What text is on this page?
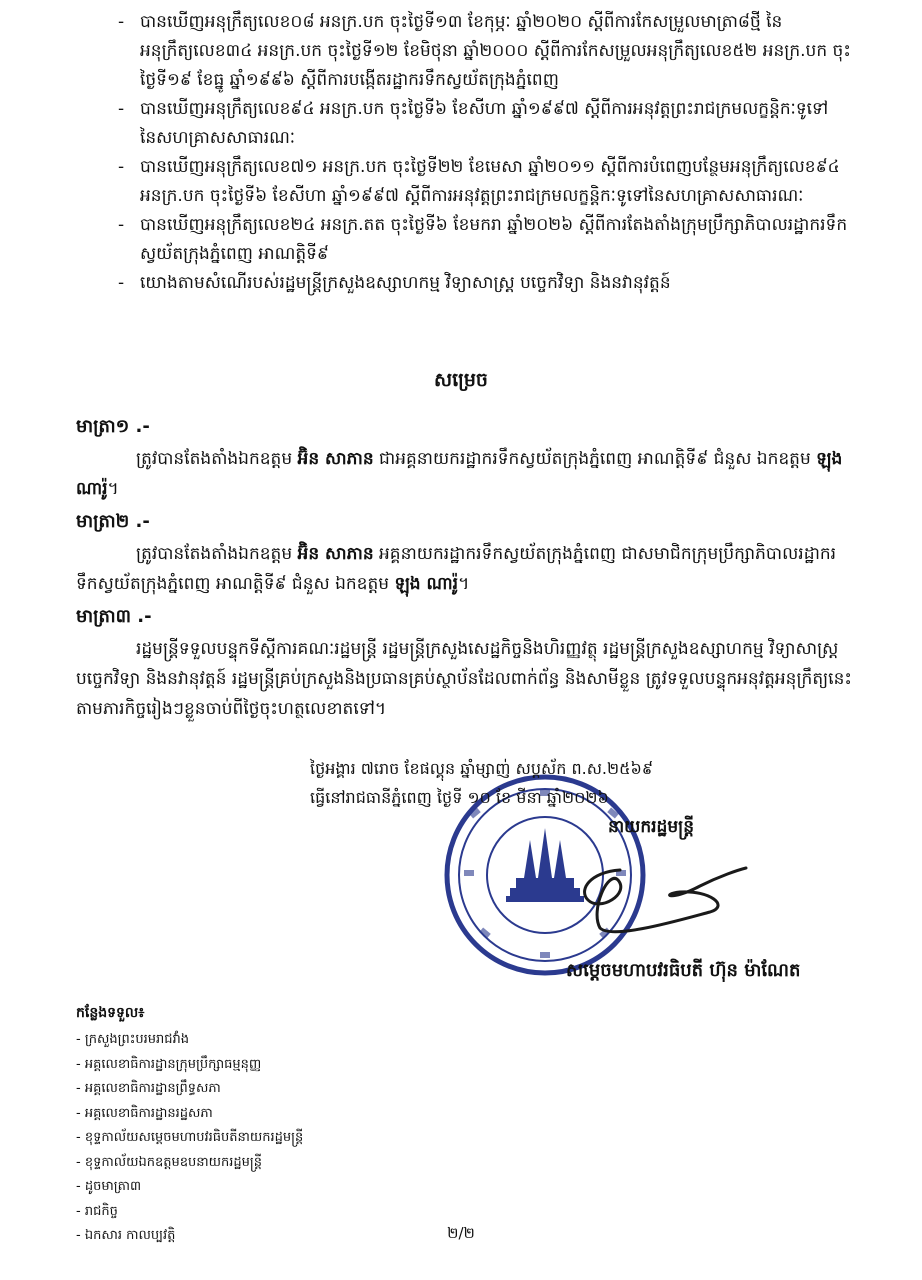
- បានឃើញអនុក្រឹត្យលេខ០៨ អនក្រ.បក ចុះថ្ងៃទី១៣ ខែកុម្ភៈ ឆ្នាំ២០២០ ស្តីពីការកែសម្រួលមាត្រា៨ថ្មី នៃអនុក្រឹត្យលេខ៣៤ អនក្រ.បក ចុះថ្ងៃទី១២ ខែមិថុនា ឆ្នាំ២០០០ ស្តីពីការកែសម្រួលអនុក្រឹត្យលេខ៥២ អនក្រ.បក ចុះថ្ងៃទី១៩ ខែធ្នូ ឆ្នាំ១៩៩៦ ស្តីពីការបង្កើតរដ្ឋាករទឹកស្វយ័តក្រុងភ្នំពេញ
- បានឃើញអនុក្រឹត្យលេខ៩៤ អនក្រ.បក ចុះថ្ងៃទី៦ ខែសីហា ឆ្នាំ១៩៩៧ ស្តីពីការអនុវត្តព្រះរាជក្រមលក្ខន្តិកៈទូទៅនៃសហគ្រាសសាធារណៈ
- បានឃើញអនុក្រឹត្យលេខ៧១ អនក្រ.បក ចុះថ្ងៃទី២២ ខែមេសា ឆ្នាំ២០១១ ស្តីពីការបំពេញបន្ថែមអនុក្រឹត្យលេខ៩៤ អនក្រ.បក ចុះថ្ងៃទី៦ ខែសីហា ឆ្នាំ១៩៩៧ ស្តីពីការអនុវត្តព្រះរាជក្រមលក្ខន្តិកៈទូទៅនៃសហគ្រាសសាធារណៈ
- បានឃើញអនុក្រឹត្យលេខ២៤ អនក្រ.តត ចុះថ្ងៃទី៦ ខែមករា ឆ្នាំ២០២៦ ស្តីពីការតែងតាំងក្រុមប្រឹក្សាភិបាលរដ្ឋាករទឹកស្វយ័តក្រុងភ្នំពេញ អាណត្តិទី៩
- យោងតាមសំណើរបស់រដ្ឋមន្ត្រីក្រសួងឧស្សាហកម្ម វិទ្យាសាស្ត្រ បច្ចេកវិទ្យា និងនវានុវត្តន៍
សម្រេច
មាត្រា១ .-
ត្រូវបានតែងតាំងឯកឧត្តម អ៊ិន សាភាន ជាអគ្គនាយករដ្ឋាករទឹកស្វយ័តក្រុងភ្នំពេញ អាណត្តិទី៩ ជំនួស ឯកឧត្តម ឡុង ណារ៉ូ។
មាត្រា២ .-
ត្រូវបានតែងតាំងឯកឧត្តម អ៊ិន សាភាន អគ្គនាយករដ្ឋាករទឹកស្វយ័តក្រុងភ្នំពេញ ជាសមាជិកក្រុមប្រឹក្សាភិបាលរដ្ឋាករទឹកស្វយ័តក្រុងភ្នំពេញ អាណត្តិទី៩ ជំនួស ឯកឧត្តម ឡុង ណារ៉ូ។
មាត្រា៣ .-
រដ្ឋមន្ត្រីទទួលបន្ទុកទីស្តីការគណៈរដ្ឋមន្ត្រី រដ្ឋមន្ត្រីក្រសួងសេដ្ឋកិច្ចនិងហិរញ្ញវត្ថុ រដ្ឋមន្ត្រីក្រសួងឧស្សាហកម្ម វិទ្យាសាស្ត្រ បច្ចេកវិទ្យា និងនវានុវត្តន៍ រដ្ឋមន្ត្រីគ្រប់ក្រសួងនិងប្រធានគ្រប់ស្ថាប័នដែលពាក់ព័ន្ធ និងសាមីខ្លួន ត្រូវទទួលបន្ទុកអនុវត្តអនុក្រឹត្យនេះ តាមភារកិច្ចរៀងៗខ្លួនចាប់ពីថ្ងៃចុះហត្ថលេខាតទៅ។
ថ្ងៃអង្គារ ៧រោច ខែផល្គុន ឆ្នាំម្សាញ់ សប្តស័ក ព.ស.២៥៦៩
ធ្វើនៅរាជធានីភ្នំពេញ ថ្ងៃទី ១០ ខែ មីនា ឆ្នាំ២០២៦
នាយករដ្ឋមន្ត្រី
សម្តេចមហាបវរធិបតី ហ៊ុន ម៉ាណែត
កន្លែងទទួល៖
- ក្រសួងព្រះបរមរាជវាំង
- អគ្គលេខាធិការដ្ឋានក្រុមប្រឹក្សាធម្មនុញ្ញ
- អគ្គលេខាធិការដ្ឋានព្រឹទ្ធសភា
- អគ្គលេខាធិការដ្ឋានរដ្ឋសភា
- ខុទ្ទកាល័យសម្តេចមហាបវរធិបតីនាយករដ្ឋមន្ត្រី
- ខុទ្ទកាល័យឯកឧត្តមឧបនាយករដ្ឋមន្ត្រី
- ដូចមាត្រា៣
- រាជកិច្ច
- ឯកសារ កាលប្បវត្តិ	២/២
